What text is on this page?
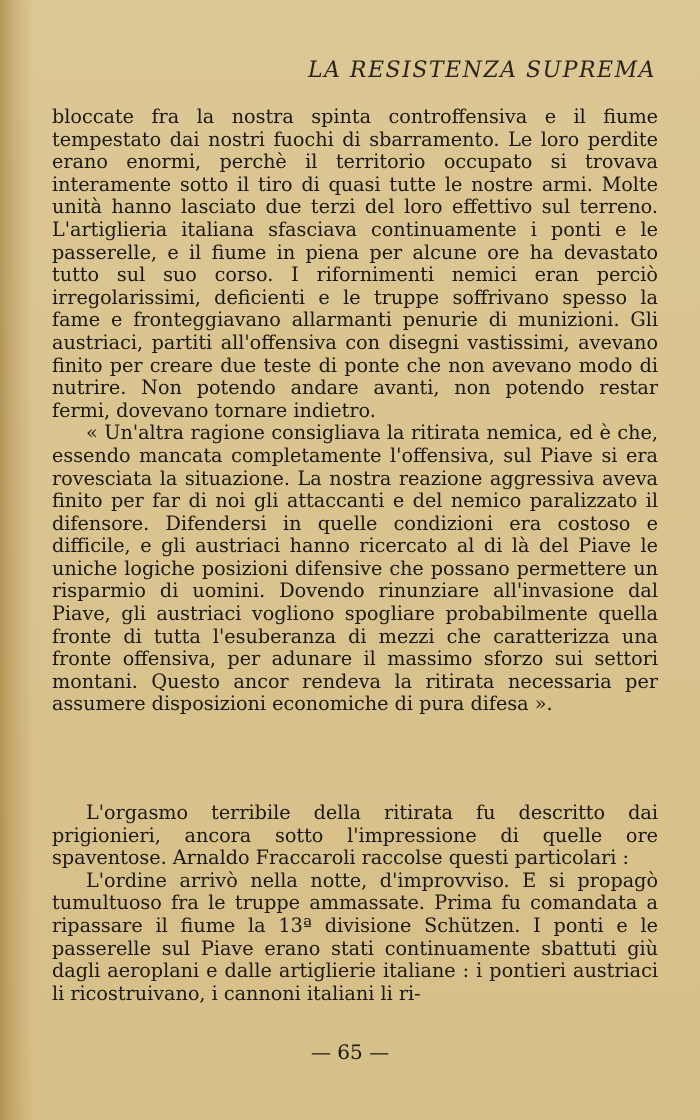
LA RESISTENZA SUPREMA

bloccate fra la nostra spinta controffensiva e il fiume tempestato dai nostri fuochi di sbarramento. Le loro perdite erano enormi, perchè il territorio occupato si trovava interamente sotto il tiro di quasi tutte le nostre armi. Molte unità hanno lasciato due terzi del loro effettivo sul terreno. L'artiglieria italiana sfasciava continuamente i ponti e le passerelle, e il fiume in piena per alcune ore ha devastato tutto sul suo corso. I rifornimenti nemici eran perciò irregolarissimi, deficienti e le truppe soffrivano spesso la fame e fronteggiavano allarmanti penurie di munizioni. Gli austriaci, partiti all'offensiva con disegni vastissimi, avevano finito per creare due teste di ponte che non avevano modo di nutrire. Non potendo andare avanti, non potendo restar fermi, dovevano tornare indietro.

« Un'altra ragione consigliava la ritirata nemica, ed è che, essendo mancata completamente l'offensiva, sul Piave si era rovesciata la situazione. La nostra reazione aggressiva aveva finito per far di noi gli attaccanti e del nemico paralizzato il difensore. Difendersi in quelle condizioni era costoso e difficile, e gli austriaci hanno ricercato al di là del Piave le uniche logiche posizioni difensive che possano permettere un risparmio di uomini. Dovendo rinunziare all'invasione dal Piave, gli austriaci vogliono spogliare probabilmente quella fronte di tutta l'esuberanza di mezzi che caratterizza una fronte offensiva, per adunare il massimo sforzo sui settori montani. Questo ancor rendeva la ritirata necessaria per assumere disposizioni economiche di pura difesa ».

L'orgasmo terribile della ritirata fu descritto dai prigionieri, ancora sotto l'impressione di quelle ore spaventose. Arnaldo Fraccaroli raccolse questi particolari :

L'ordine arrivò nella notte, d'improvviso. E si propagò tumultuoso fra le truppe ammassate. Prima fu comandata a ripassare il fiume la 13ª divisione Schützen. I ponti e le passerelle sul Piave erano stati continuamente sbattuti giù dagli aeroplani e dalle artiglierie italiane : i pontieri austriaci li ricostruivano, i cannoni italiani li ri-

— 65 —
